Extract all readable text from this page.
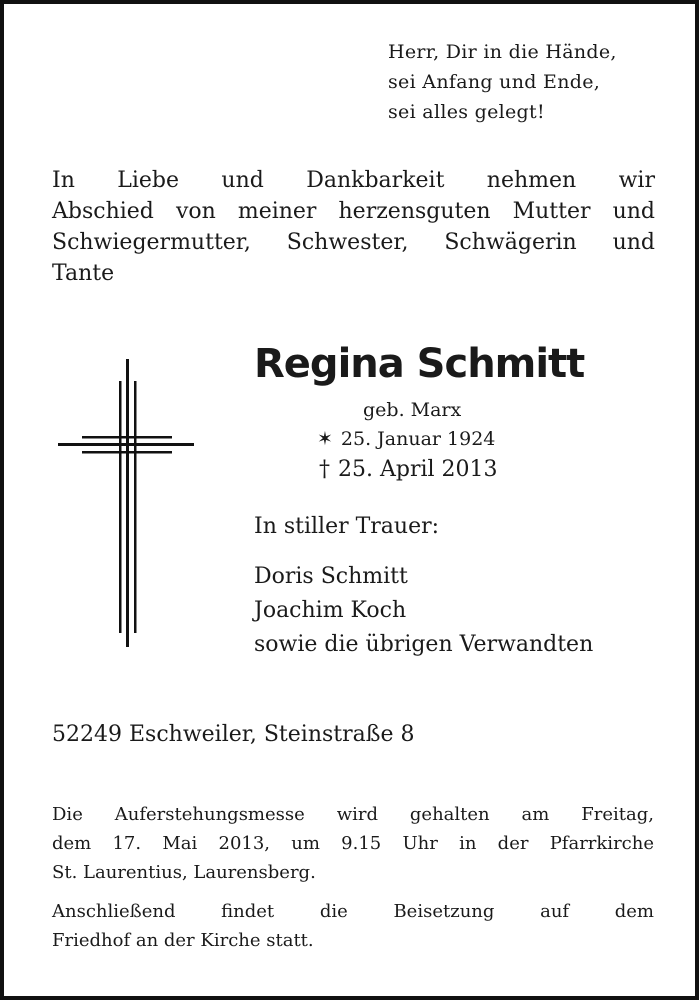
Herr, Dir in die Hände,
sei Anfang und Ende,
sei alles gelegt!
In Liebe und Dankbarkeit nehmen wir
Abschied von meiner herzensguten Mutter und
Schwiegermutter, Schwester, Schwägerin und
Tante
Regina Schmitt
geb. Marx
✶ 25. Januar 1924
† 25. April 2013
In stiller Trauer:
Doris Schmitt
Joachim Koch
sowie die übrigen Verwandten
52249 Eschweiler, Steinstraße 8
Die Auferstehungsmesse wird gehalten am Freitag,
dem 17. Mai 2013, um 9.15 Uhr in der Pfarrkirche
St. Laurentius, Laurensberg.
Anschließend findet die Beisetzung auf dem
Friedhof an der Kirche statt.
